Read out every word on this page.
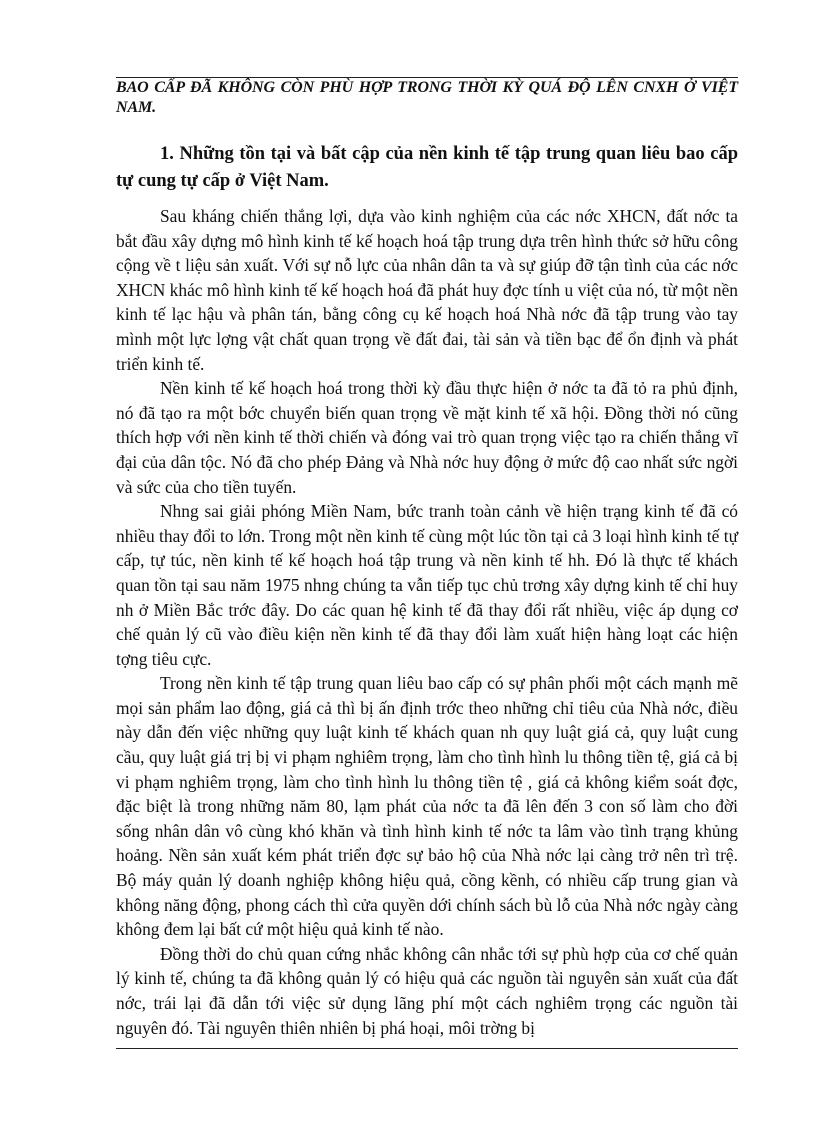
BAO CẤP ĐÃ KHÔNG CÒN PHÙ HỢP TRONG THỜI KỲ QUÁ ĐỘ LÊN CNXH Ở VIỆT NAM.

1. Những tồn tại và bất cập của nền kinh tế tập trung quan liêu bao cấp tự cung tự cấp ở Việt Nam.

Sau kháng chiến thắng lợi, dựa vào kinh nghiệm của các nớc XHCN, đất nớc ta bắt đầu xây dựng mô hình kinh tế kế hoạch hoá tập trung dựa trên hình thức sở hữu công cộng về t liệu sản xuất. Với sự nỗ lực của nhân dân ta và sự giúp đỡ tận tình của các nớc XHCN khác mô hình kinh tế kế hoạch hoá đã phát huy đợc tính u việt của nó, từ một nền kinh tế lạc hậu và phân tán, bằng công cụ kế hoạch hoá Nhà nớc đã tập trung vào tay mình một lực lợng vật chất quan trọng về đất đai, tài sản và tiền bạc để ổn định và phát triển kinh tế.

Nền kinh tế kế hoạch hoá trong thời kỳ đầu thực hiện ở nớc ta đã tỏ ra phủ định, nó đã tạo ra một bớc chuyển biến quan trọng về mặt kinh tế xã hội. Đồng thời nó cũng thích hợp với nền kinh tế thời chiến và đóng vai trò quan trọng việc tạo ra chiến thắng vĩ đại của dân tộc. Nó đã cho phép Đảng và Nhà nớc huy động ở mức độ cao nhất sức ngời và sức của cho tiền tuyến.

Nhng sai giải phóng Miền Nam, bức tranh toàn cảnh về hiện trạng kinh tế đã có nhiều thay đổi to lớn. Trong một nền kinh tế cùng một lúc tồn tại cả 3 loại hình kinh tế tự cấp, tự túc, nền kinh tế kế hoạch hoá tập trung và nền kinh tế hh. Đó là thực tế khách quan tồn tại sau năm 1975 nhng chúng ta vẫn tiếp tục chủ trơng xây dựng kinh tế chỉ huy nh ở Miền Bắc trớc đây. Do các quan hệ kinh tế đã thay đổi rất nhiều, việc áp dụng cơ chế quản lý cũ vào điều kiện nền kinh tế đã thay đổi làm xuất hiện hàng loạt các hiện tợng tiêu cực.

Trong nền kinh tế tập trung quan liêu bao cấp có sự phân phối một cách mạnh mẽ mọi sản phẩm lao động, giá cả thì bị ấn định trớc theo những chỉ tiêu của Nhà nớc, điều này dẫn đến việc những quy luật kinh tế khách quan nh quy luật giá cả, quy luật cung cầu, quy luật giá trị bị vi phạm nghiêm trọng, làm cho tình hình lu thông tiền tệ, giá cả bị vi phạm nghiêm trọng, làm cho tình hình lu thông tiền tệ , giá cả không kiểm soát đợc, đặc biệt là trong những năm 80, lạm phát của nớc ta đã lên đến 3 con số làm cho đời sống nhân dân vô cùng khó khăn và tình hình kinh tế nớc ta lâm vào tình trạng khủng hoảng. Nền sản xuất kém phát triển đợc sự bảo hộ của Nhà nớc lại càng trở nên trì trệ. Bộ máy quản lý doanh nghiệp không hiệu quả, cồng kềnh, có nhiều cấp trung gian và không năng động, phong cách thì cửa quyền dới chính sách bù lỗ của Nhà nớc ngày càng không đem lại bất cứ một hiệu quả kinh tế nào.

Đồng thời do chủ quan cứng nhắc không cân nhắc tới sự phù hợp của cơ chế quản lý kinh tế, chúng ta đã không quản lý có hiệu quả các nguồn tài nguyên sản xuất của đất nớc, trái lại đã dẫn tới việc sử dụng lãng phí một cách nghiêm trọng các nguồn tài nguyên đó. Tài nguyên thiên nhiên bị phá hoại, môi trờng bị
